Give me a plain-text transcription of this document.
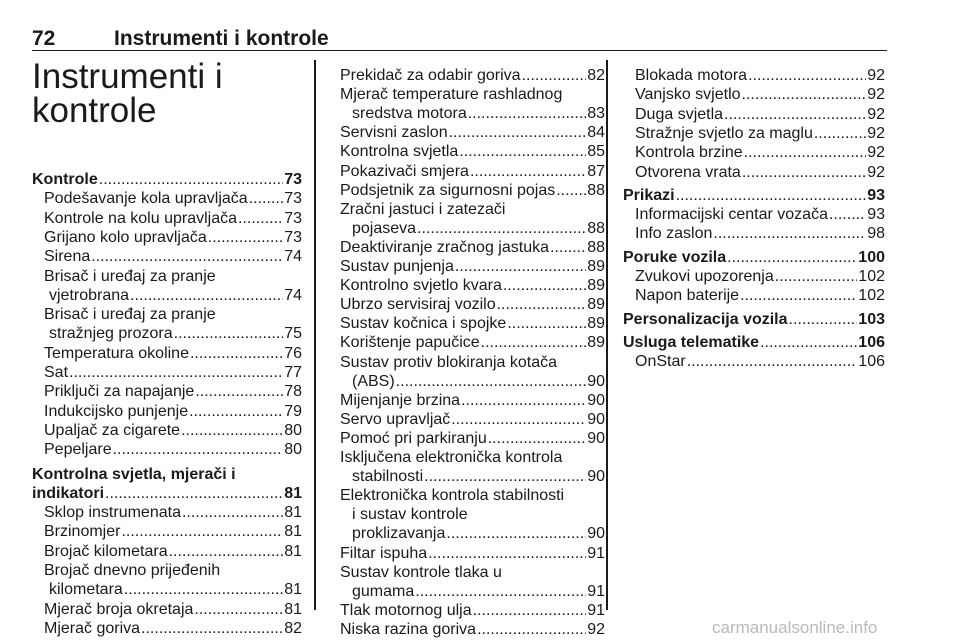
72	Instrumenti i kontrole
Instrumenti i
kontrole
Kontrole .....	73
Podešavanje kola upravljača ..... 73
Kontrole na kolu upravljača .....	73
Grijano kolo upravljača .....	73
Sirena .....	74
Brisač i uređaj za pranje
vjetrobrana .....	74
Brisač i uređaj za pranje
stražnjeg prozora .....	75
Temperatura okoline .....	76
Sat .....	77
Priključi za napajanje .....	78
Indukcijsko punjenje .....	79
Upaljač za cigarete .....	80
Pepeljare .....	80
Kontrolna svjetla, mjerači i
indikatori .....	81
Sklop instrumenata .....	81
Brzinomjer .....	81
Brojač kilometara .....	81
Brojač dnevno prijeđenih
kilometara .....	81
Mjerač broja okretaja .....	81
Mjerač goriva .....	82
Prekidač za odabir goriva .....	82
Mjerač temperature rashladnog
sredstva motora .....	83
Servisni zaslon .....	84
Kontrolna svjetla .....	85
Pokazivači smjera .....	87
Podsjetnik za sigurnosni pojas ..... 88
Zračni jastuci i zatezači
pojaseva .....	88
Deaktiviranje zračnog jastuka ..... 88
Sustav punjenja .....	89
Kontrolno svjetlo kvara .....	89
Ubrzo servisiraj vozilo .....	89
Sustav kočnica i spojke .....	89
Korištenje papučice .....	89
Sustav protiv blokiranja kotača
(ABS) .....	90
Mijenjanje brzina .....	90
Servo upravljač .....	90
Pomoć pri parkiranju .....	90
Isključena elektronička kontrola
stabilnosti .....	90
Elektronička kontrola stabilnosti
i sustav kontrole
proklizavanja .....	90
Filtar ispuha .....	91
Sustav kontrole tlaka u
gumama .....	91
Tlak motornog ulja .....	91
Niska razina goriva .....	92
Blokada motora .....	92
Vanjsko svjetlo .....	92
Duga svjetla .....	92
Stražnje svjetlo za maglu .....	92
Kontrola brzine .....	92
Otvorena vrata .....	92
Prikazi .....	93
Informacijski centar vozača ..... 93
Info zaslon .....	98
Poruke vozila .....	100
Zvukovi upozorenja .....	102
Napon baterije .....	102
Personalizacija vozila .....	103
Usluga telematike .....	106
OnStar .....	106
carmanualsonline.info
